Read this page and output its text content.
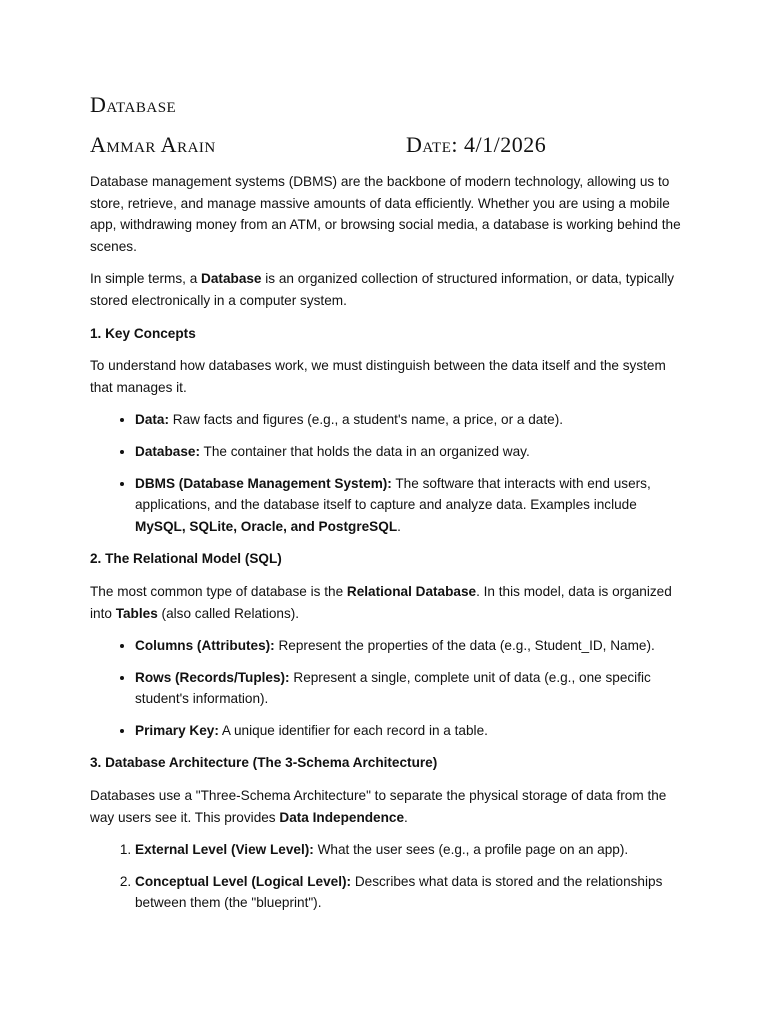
Database
Ammar Arain	Date: 4/1/2026

Database management systems (DBMS) are the backbone of modern technology, allowing us to store, retrieve, and manage massive amounts of data efficiently. Whether you are using a mobile app, withdrawing money from an ATM, or browsing social media, a database is working behind the scenes.

In simple terms, a Database is an organized collection of structured information, or data, typically stored electronically in a computer system.

1. Key Concepts

To understand how databases work, we must distinguish between the data itself and the system that manages it.

• Data: Raw facts and figures (e.g., a student's name, a price, or a date).
• Database: The container that holds the data in an organized way.
• DBMS (Database Management System): The software that interacts with end users, applications, and the database itself to capture and analyze data. Examples include MySQL, SQLite, Oracle, and PostgreSQL.
2. The Relational Model (SQL)

The most common type of database is the Relational Database. In this model, data is organized into Tables (also called Relations).

• Columns (Attributes): Represent the properties of the data (e.g., Student_ID, Name).
• Rows (Records/Tuples): Represent a single, complete unit of data (e.g., one specific student's information).
• Primary Key: A unique identifier for each record in a table.
3. Database Architecture (The 3-Schema Architecture)

Databases use a "Three-Schema Architecture" to separate the physical storage of data from the way users see it. This provides Data Independence.

1. External Level (View Level): What the user sees (e.g., a profile page on an app).
2. Conceptual Level (Logical Level): Describes what data is stored and the relationships between them (the "blueprint").
